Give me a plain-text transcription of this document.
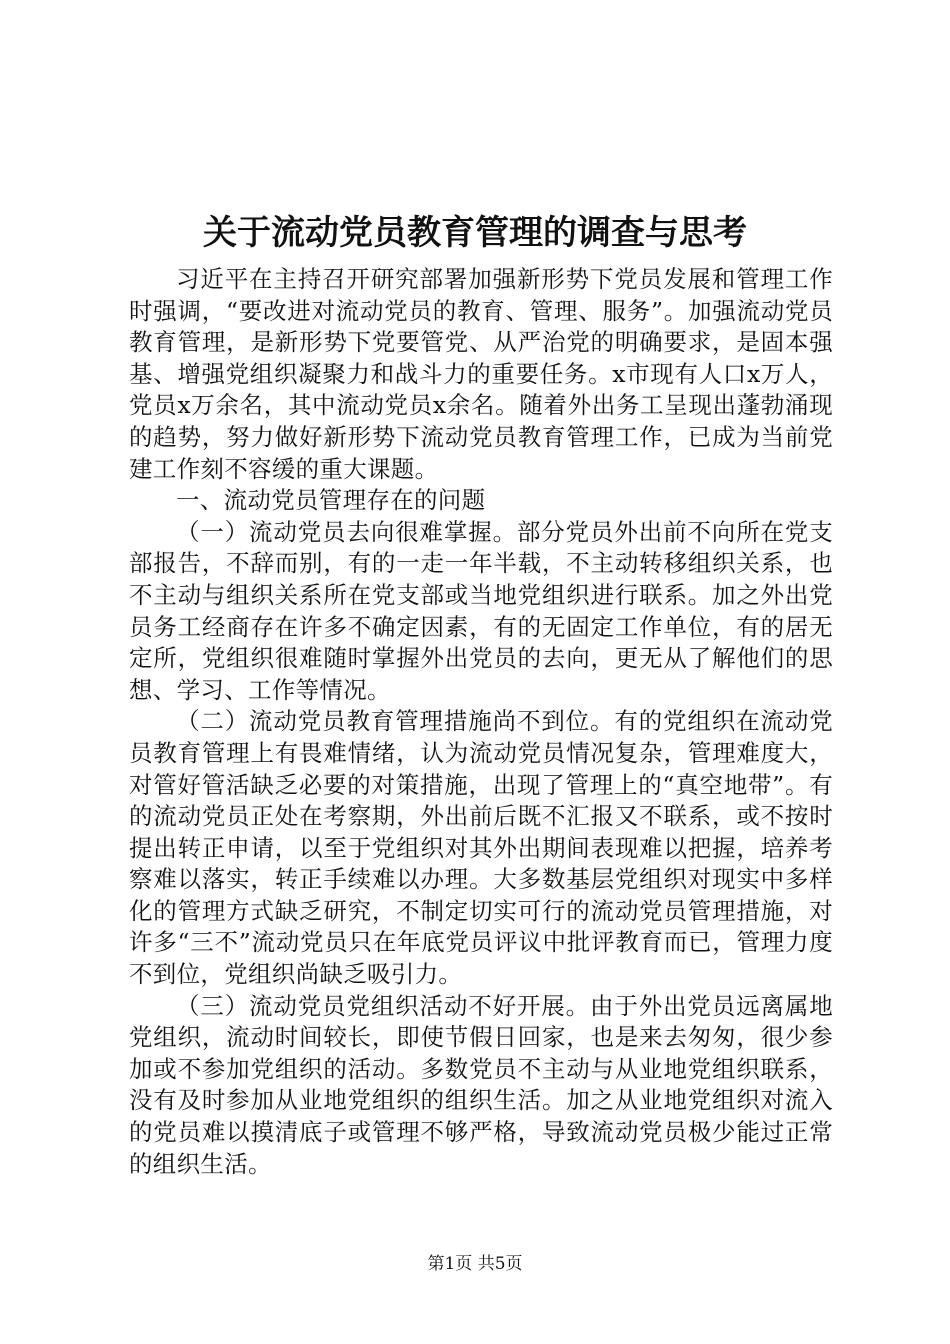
关于流动党员教育管理的调查与思考

习近平在主持召开研究部署加强新形势下党员发展和管理工作时强调，“要改进对流动党员的教育、管理、服务”。加强流动党员教育管理，是新形势下党要管党、从严治党的明确要求，是固本强基、增强党组织凝聚力和战斗力的重要任务。x市现有人口x万人，党员x万余名，其中流动党员x余名。随着外出务工呈现出蓬勃涌现的趋势，努力做好新形势下流动党员教育管理工作，已成为当前党建工作刻不容缓的重大课题。

一、流动党员管理存在的问题

（一）流动党员去向很难掌握。部分党员外出前不向所在党支部报告，不辞而别，有的一走一年半载，不主动转移组织关系，也不主动与组织关系所在党支部或当地党组织进行联系。加之外出党员务工经商存在许多不确定因素，有的无固定工作单位，有的居无定所，党组织很难随时掌握外出党员的去向，更无从了解他们的思想、学习、工作等情况。

（二）流动党员教育管理措施尚不到位。有的党组织在流动党员教育管理上有畏难情绪，认为流动党员情况复杂，管理难度大，对管好管活缺乏必要的对策措施，出现了管理上的“真空地带”。有的流动党员正处在考察期，外出前后既不汇报又不联系，或不按时提出转正申请，以至于党组织对其外出期间表现难以把握，培养考察难以落实，转正手续难以办理。大多数基层党组织对现实中多样化的管理方式缺乏研究，不制定切实可行的流动党员管理措施，对许多“三不”流动党员只在年底党员评议中批评教育而已，管理力度不到位，党组织尚缺乏吸引力。

（三）流动党员党组织活动不好开展。由于外出党员远离属地党组织，流动时间较长，即使节假日回家，也是来去匆匆，很少参加或不参加党组织的活动。多数党员不主动与从业地党组织联系，没有及时参加从业地党组织的组织生活。加之从业地党组织对流入的党员难以摸清底子或管理不够严格，导致流动党员极少能过正常的组织生活。

第1页 共5页
